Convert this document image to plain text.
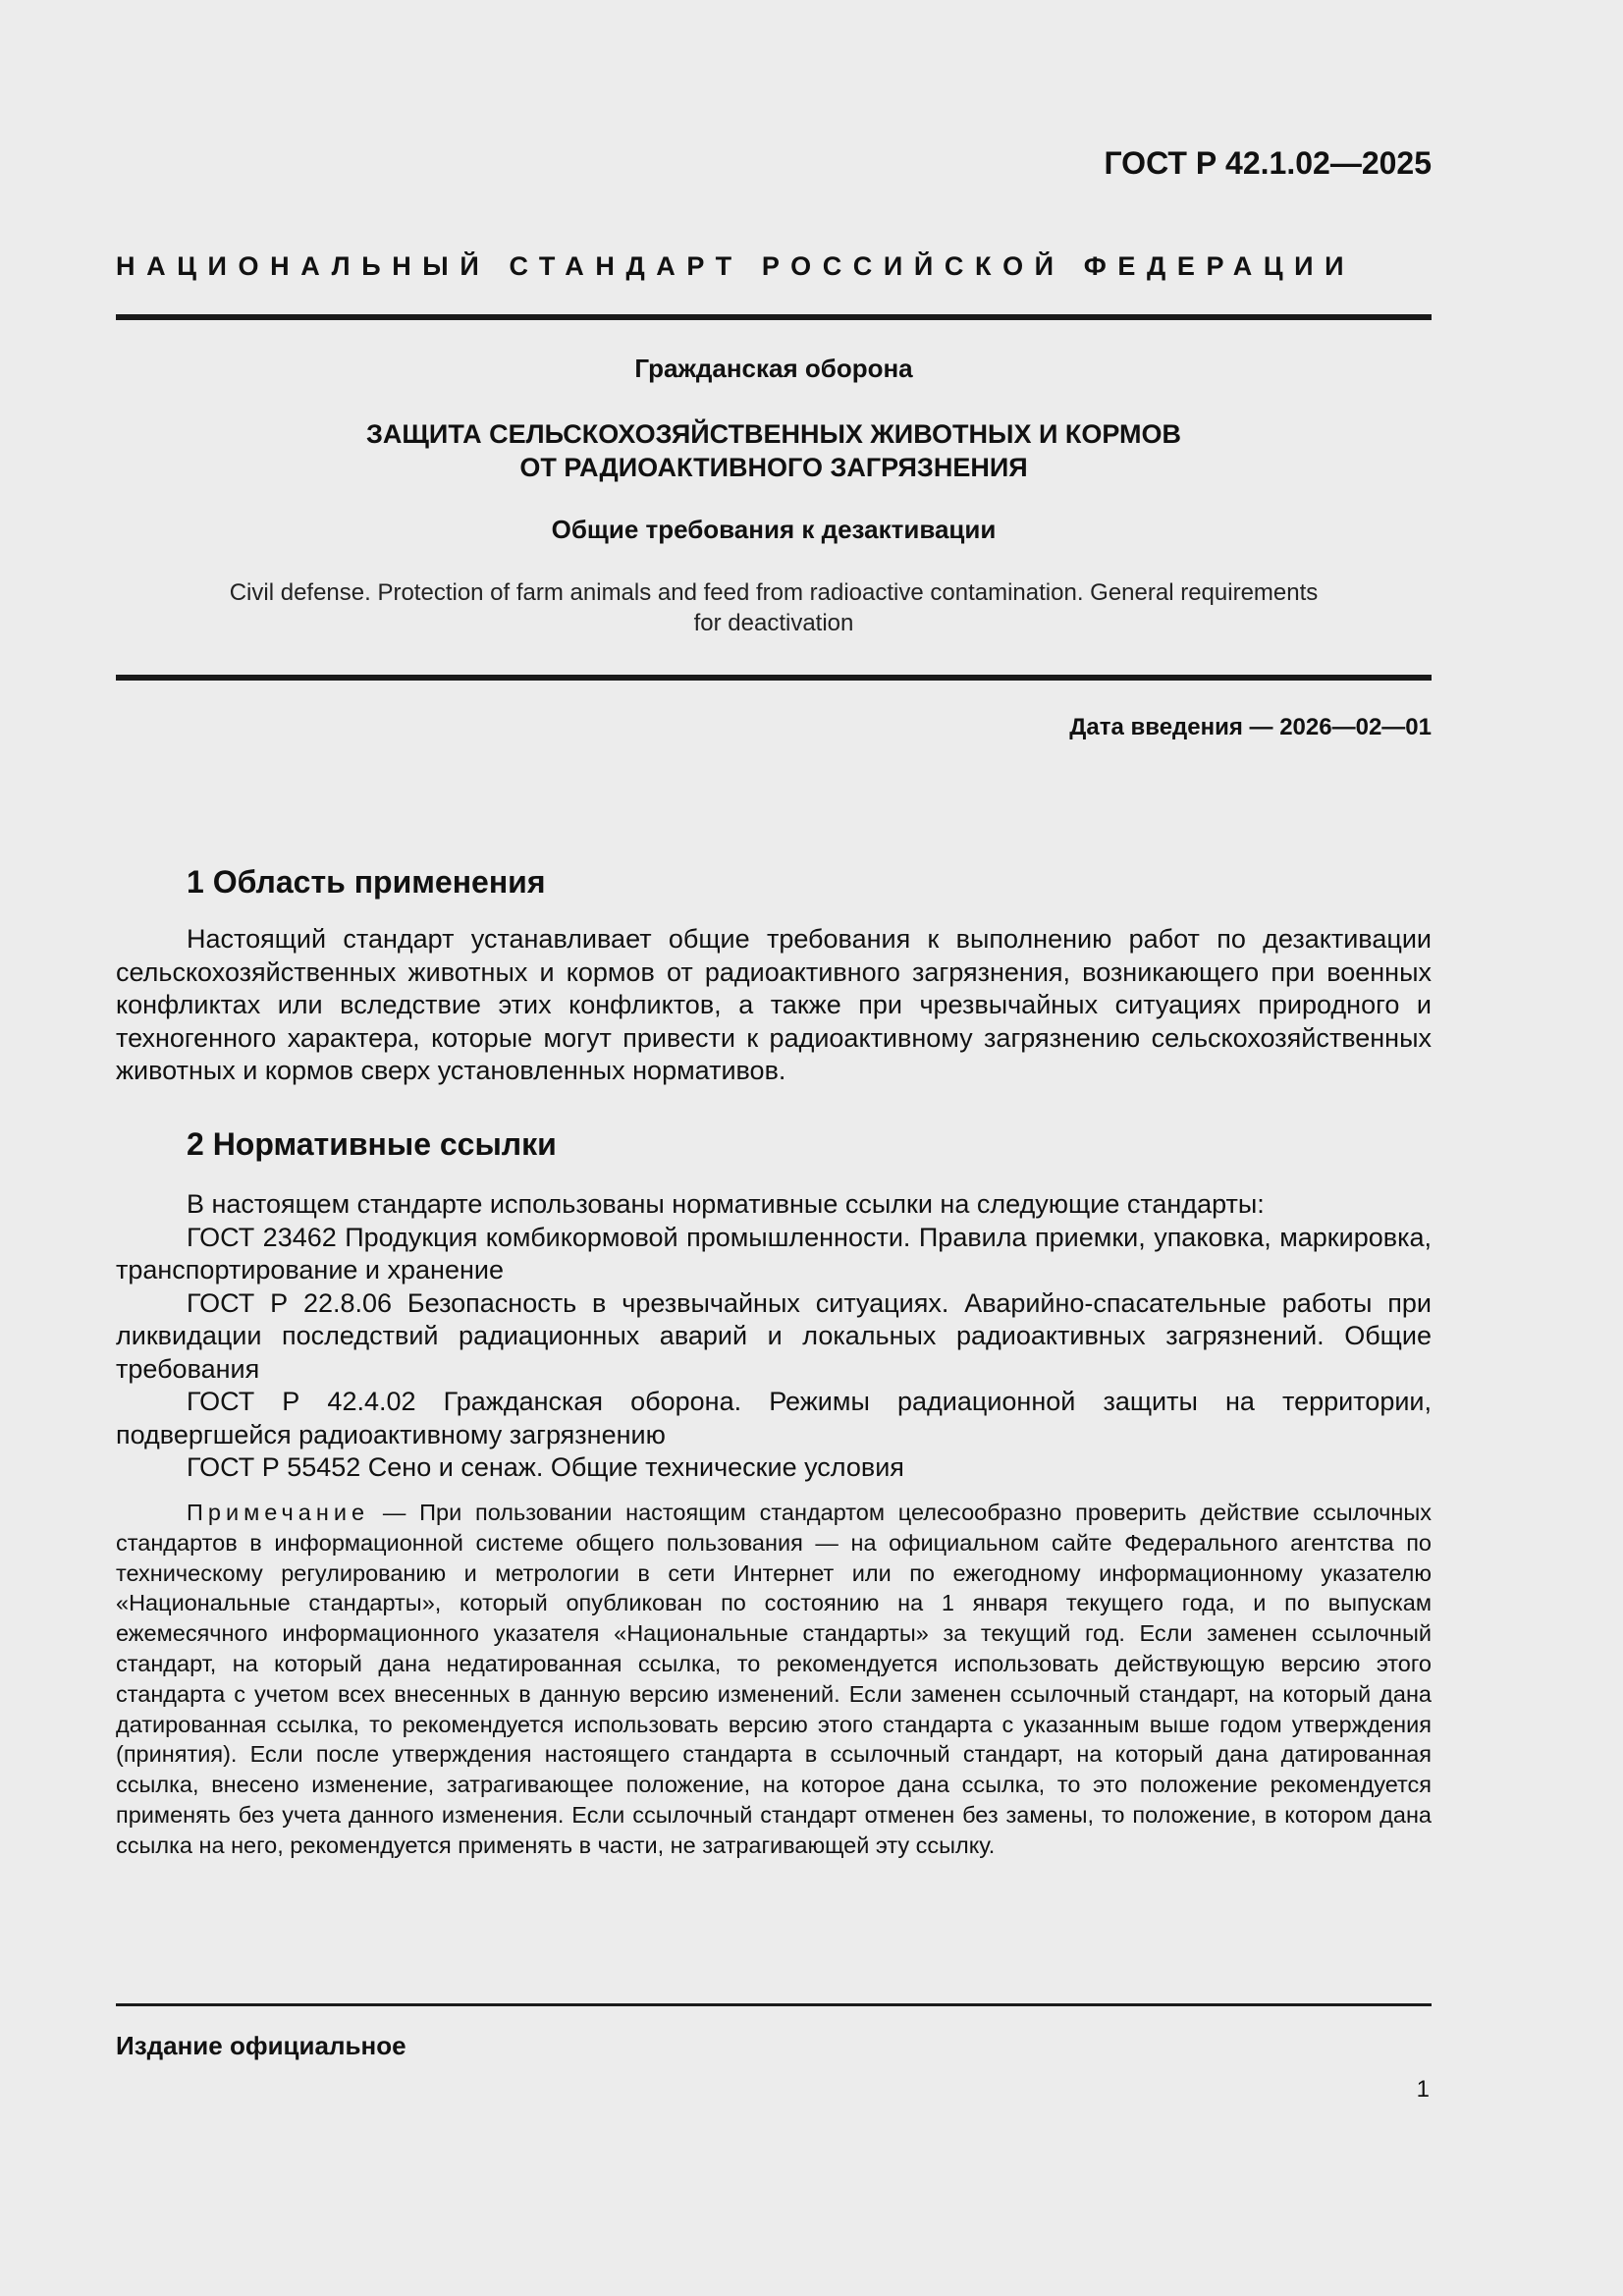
ГОСТ Р 42.1.02—2025
НАЦИОНАЛЬНЫЙ СТАНДАРТ РОССИЙСКОЙ ФЕДЕРАЦИИ
Гражданская оборона
ЗАЩИТА СЕЛЬСКОХОЗЯЙСТВЕННЫХ ЖИВОТНЫХ И КОРМОВ
ОТ РАДИОАКТИВНОГО ЗАГРЯЗНЕНИЯ
Общие требования к дезактивации
Civil defense. Protection of farm animals and feed from radioactive contamination. General requirements
for deactivation
Дата введения — 2026—02—01
1 Область применения
Настоящий стандарт устанавливает общие требования к выполнению работ по дезактивации сельскохозяйственных животных и кормов от радиоактивного загрязнения, возникающего при военных конфликтах или вследствие этих конфликтов, а также при чрезвычайных ситуациях природного и техногенного характера, которые могут привести к радиоактивному загрязнению сельскохозяйственных животных и кормов сверх установленных нормативов.
2 Нормативные ссылки
В настоящем стандарте использованы нормативные ссылки на следующие стандарты:
ГОСТ 23462 Продукция комбикормовой промышленности. Правила приемки, упаковка, маркировка, транспортирование и хранение
ГОСТ Р 22.8.06 Безопасность в чрезвычайных ситуациях. Аварийно-спасательные работы при ликвидации последствий радиационных аварий и локальных радиоактивных загрязнений. Общие требования
ГОСТ Р 42.4.02 Гражданская оборона. Режимы радиационной защиты на территории, подвергшейся радиоактивному загрязнению
ГОСТ Р 55452 Сено и сенаж. Общие технические условия
Примечание — При пользовании настоящим стандартом целесообразно проверить действие ссылочных стандартов в информационной системе общего пользования — на официальном сайте Федерального агентства по техническому регулированию и метрологии в сети Интернет или по ежегодному информационному указателю «Национальные стандарты», который опубликован по состоянию на 1 января текущего года, и по выпускам ежемесячного информационного указателя «Национальные стандарты» за текущий год. Если заменен ссылочный стандарт, на который дана недатированная ссылка, то рекомендуется использовать действующую версию этого стандарта с учетом всех внесенных в данную версию изменений. Если заменен ссылочный стандарт, на который дана датированная ссылка, то рекомендуется использовать версию этого стандарта с указанным выше годом утверждения (принятия). Если после утверждения настоящего стандарта в ссылочный стандарт, на который дана датированная ссылка, внесено изменение, затрагивающее положение, на которое дана ссылка, то это положение рекомендуется применять без учета данного изменения. Если ссылочный стандарт отменен без замены, то положение, в котором дана ссылка на него, рекомендуется применять в части, не затрагивающей эту ссылку.
Издание официальное
1
